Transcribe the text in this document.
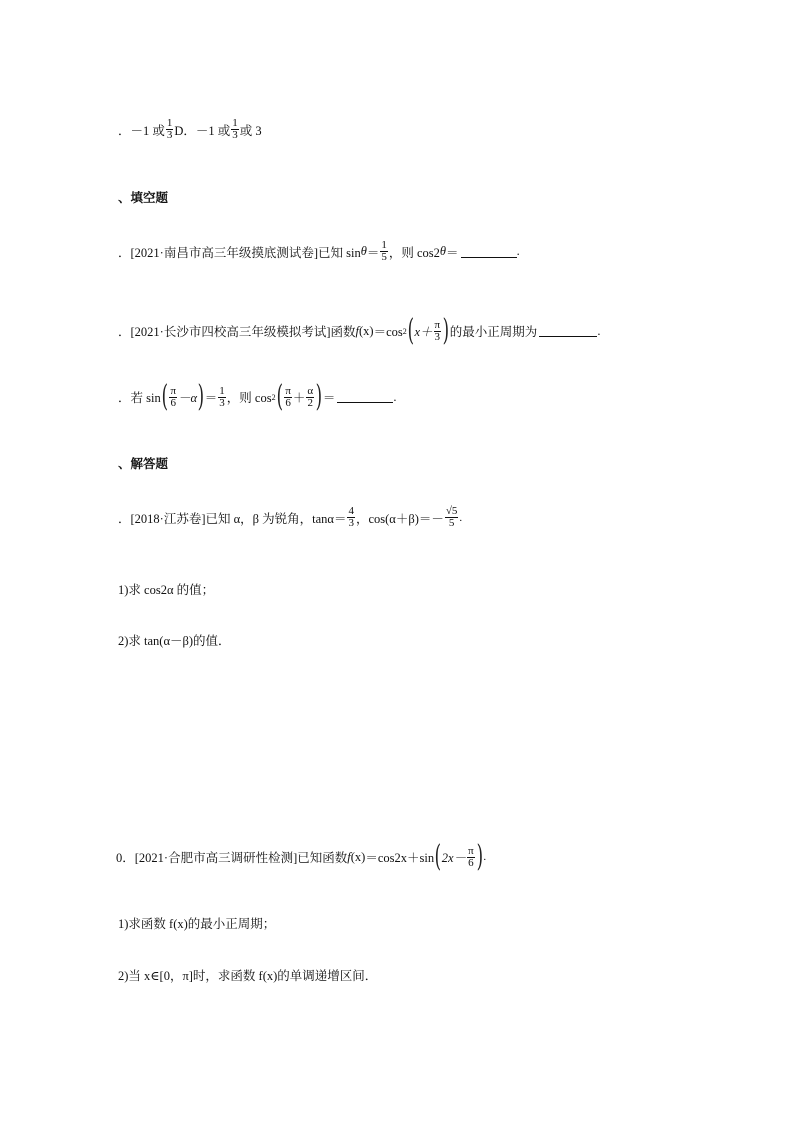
．－1 或 $\frac{1}{3}$ D．－1 或 $\frac{1}{3}$ 或 3
、填空题
．[2021·南昌市高三年级摸底测试卷]已知 $\sin \theta = \frac{1}{5}$ ，则 cos2 θ ＝	.
．[2021·长沙市四校高三年级模拟考试]函数 f (x) ＝cos 2 ( $x+ \frac{\pi}{3}$ ) 的最小正周期为	.
．若 sin ( $\frac{\pi}{6} -\alpha$ ) ＝ $\frac{1}{3}$ ，则 cos 2 ( $\frac{\pi}{6} + \frac{\alpha}{2}$ ) ＝	.
、解答题
．[2018·江苏卷]已知 α，β 为锐角，$\tan\alpha= \frac{4}{3}$ ，$\cos(\alpha+\beta)=- \frac{√5}{5}$ .
1)求 cos2α 的值；
2)求 tan(α－β)的值．
0．[2021·合肥市高三调研性检测]已知函数 f (x) ＝cos2x＋sin ( $2x- \frac{\pi}{6}$ ) .
1)求函数 f(x)的最小正周期；
2)当 x∈[0，π]时，求函数 f(x)的单调递增区间．
